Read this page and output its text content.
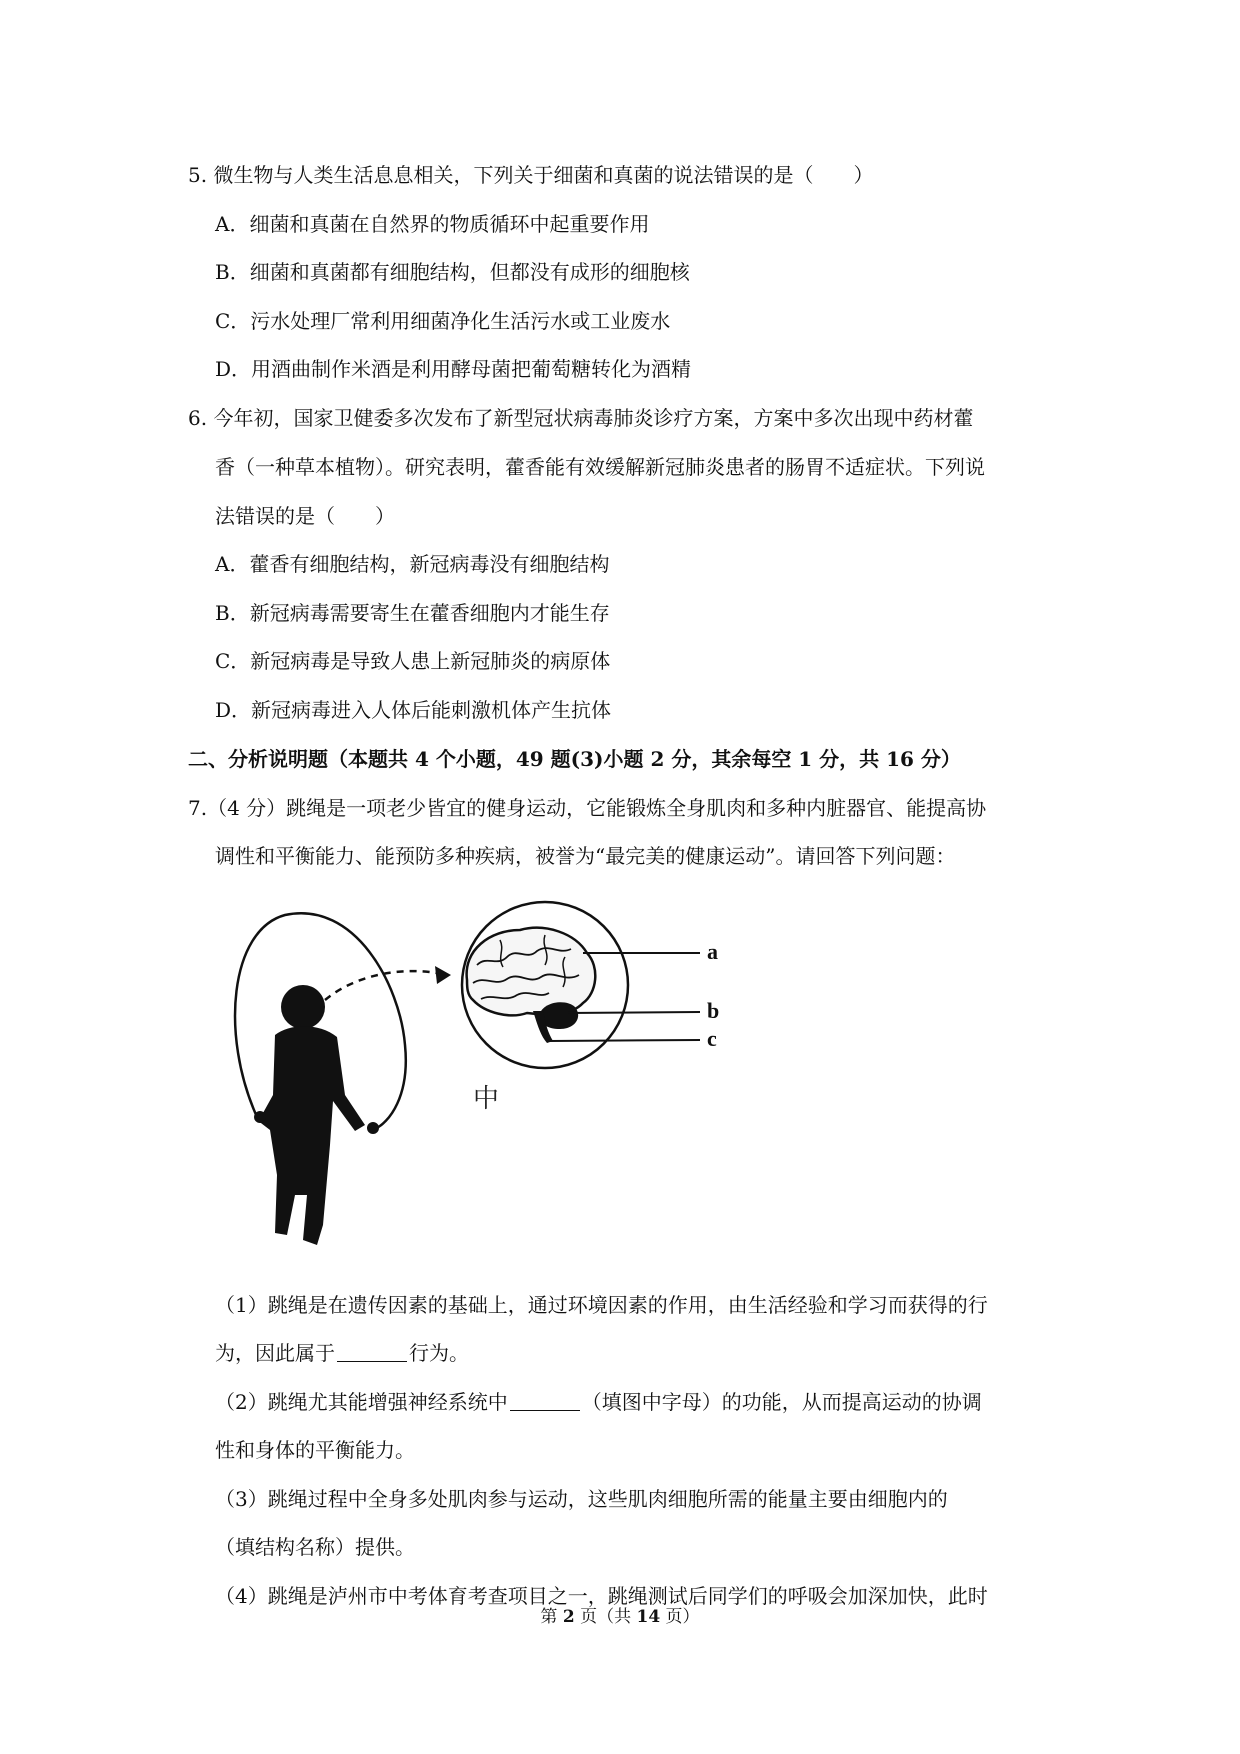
5. 微生物与人类生活息息相关，下列关于细菌和真菌的说法错误的是（　　）
A．细菌和真菌在自然界的物质循环中起重要作用
B．细菌和真菌都有细胞结构，但都没有成形的细胞核
C．污水处理厂常利用细菌净化生活污水或工业废水
D．用酒曲制作米酒是利用酵母菌把葡萄糖转化为酒精
6. 今年初，国家卫健委多次发布了新型冠状病毒肺炎诊疗方案，方案中多次出现中药材藿
香（一种草本植物）。研究表明，藿香能有效缓解新冠肺炎患者的肠胃不适症状。下列说
法错误的是（　　）
A．藿香有细胞结构，新冠病毒没有细胞结构
B．新冠病毒需要寄生在藿香细胞内才能生存
C．新冠病毒是导致人患上新冠肺炎的病原体
D．新冠病毒进入人体后能刺激机体产生抗体
二、分析说明题（本题共 4 个小题，49 题(3)小题 2 分，其余每空 1 分，共 16 分）
7.（4 分）跳绳是一项老少皆宜的健身运动，它能锻炼全身肌肉和多种内脏器官、能提高协
调性和平衡能力、能预防多种疾病，被誉为“最完美的健康运动”。请回答下列问题：
a
b
c
中
（1）跳绳是在遗传因素的基础上，通过环境因素的作用，由生活经验和学习而获得的行
为，因此属于	行为。
（2）跳绳尤其能增强神经系统中	（填图中字母）的功能，从而提高运动的协调
性和身体的平衡能力。
（3）跳绳过程中全身多处肌肉参与运动，这些肌肉细胞所需的能量主要由细胞内的
（填结构名称）提供。
（4）跳绳是泸州市中考体育考查项目之一，跳绳测试后同学们的呼吸会加深加快，此时
第 2 页（共 14 页）
